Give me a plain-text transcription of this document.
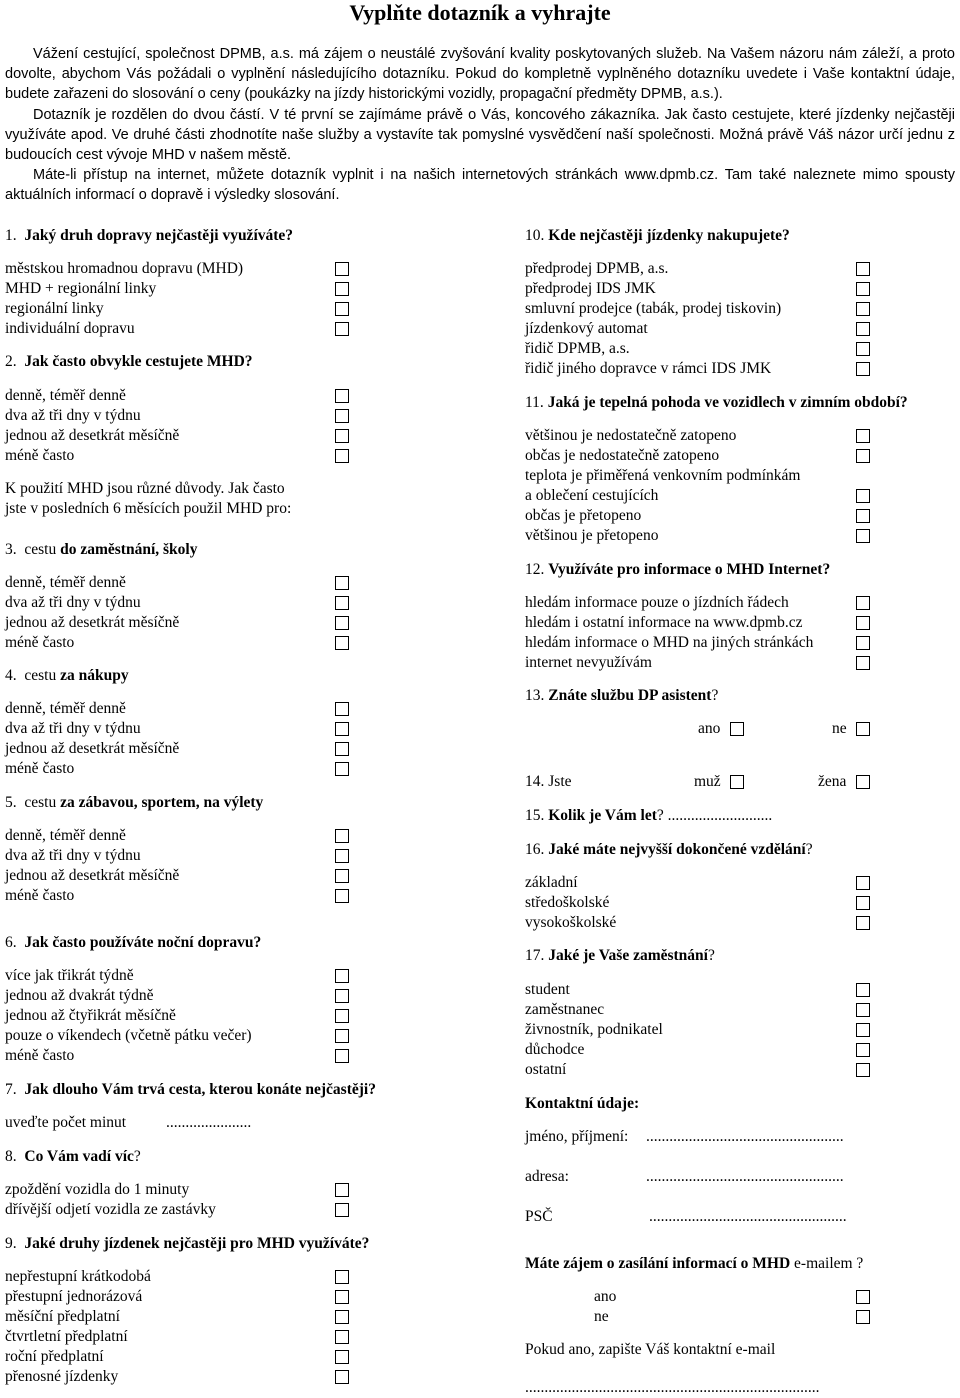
Vyplňte dotazník a vyhrajte

Vážení cestující, společnost DPMB, a.s. má zájem o neustálé zvyšování kvality poskytovaných služeb. Na Vašem názoru nám záleží, a proto dovolte, abychom Vás požádali o vyplnění následujícího dotazníku. Pokud do kompletně vyplněného dotazníku uvedete i Vaše kontaktní údaje, budete zařazeni do slosování o ceny (poukázky na jízdy historickými vozidly, propagační předměty DPMB, a.s.).

Dotazník je rozdělen do dvou částí. V té první se zajímáme právě o Vás, koncového zákazníka. Jak často cestujete, které jízdenky nejčastěji využíváte apod. Ve druhé části zhodnotíte naše služby a vystavíte tak pomyslné vysvědčení naší společnosti. Možná právě Váš názor určí jednu z budoucích cest vývoje MHD v našem městě.

Máte-li přístup na internet, můžete dotazník vyplnit i na našich internetových stránkách www.dpmb.cz. Tam také naleznete mimo spousty aktuálních informací o dopravě i výsledky slosování.

1. Jaký druh dopravy nejčastěji využíváte?
městskou hromadnou dopravu (MHD)
MHD + regionální linky
regionální linky
individuální dopravu
2. Jak často obvykle cestujete MHD?
denně, téměř denně
dva až tři dny v týdnu
jednou až desetkrát měsíčně
méně často
K použití MHD jsou různé důvody. Jak často
jste v posledních 6 měsících použil MHD pro:
3. cestu do zaměstnání, školy
denně, téměř denně
dva až tři dny v týdnu
jednou až desetkrát měsíčně
méně často
4. cestu za nákupy
denně, téměř denně
dva až tři dny v týdnu
jednou až desetkrát měsíčně
méně často
5. cestu za zábavou, sportem, na výlety
denně, téměř denně
dva až tři dny v týdnu
jednou až desetkrát měsíčně
méně často
6. Jak často používáte noční dopravu?
více jak třikrát týdně
jednou až dvakrát týdně
jednou až čtyřikrát měsíčně
pouze o víkendech (včetně pátku večer)
méně často
7. Jak dlouho Vám trvá cesta, kterou konáte nejčastěji?
uveďte počet minut	......................
8. Co Vám vadí víc?
zpoždění vozidla do 1 minuty
dřívější odjetí vozidla ze zastávky
9. Jaké druhy jízdenek nejčastěji pro MHD využíváte?
nepřestupní krátkodobá
přestupní jednorázová
měsíční předplatní
čtvrtletní předplatní
roční předplatní
přenosné jízdenky
10. Kde nejčastěji jízdenky nakupujete?
předprodej DPMB, a.s.
předprodej IDS JMK
smluvní prodejce (tabák, prodej tiskovin)
jízdenkový automat
řidič DPMB, a.s.
řidič jiného dopravce v rámci IDS JMK
11. Jaká je tepelná pohoda ve vozidlech v zimním období?
většinou je nedostatečně zatopeno
občas je nedostatečně zatopeno
teplota je přiměřená venkovním podmínkám
a oblečení cestujících
občas je přetopeno
většinou je přetopeno
12. Využíváte pro informace o MHD Internet?
hledám informace pouze o jízdních řádech
hledám i ostatní informace na www.dpmb.cz
hledám informace o MHD na jiných stránkách
internet nevyužívám
13. Znáte službu DP asistent?
ano	ne
14. Jste	muž	žena
15. Kolik je Vám let? ...........................
16. Jaké máte nejvyšší dokončené vzdělání?
základní
středoškolské
vysokoškolské
17. Jaké je Vaše zaměstnání?
student
zaměstnanec
živnostník, podnikatel
důchodce
ostatní
Kontaktní údaje:
jméno, příjmení: ...................................................
adresa:	...................................................
PSČ	...................................................
Máte zájem o zasílání informací o MHD e-mailem ?
ano
ne
Pokud ano, zapište Váš kontaktní e-mail
............................................................................
